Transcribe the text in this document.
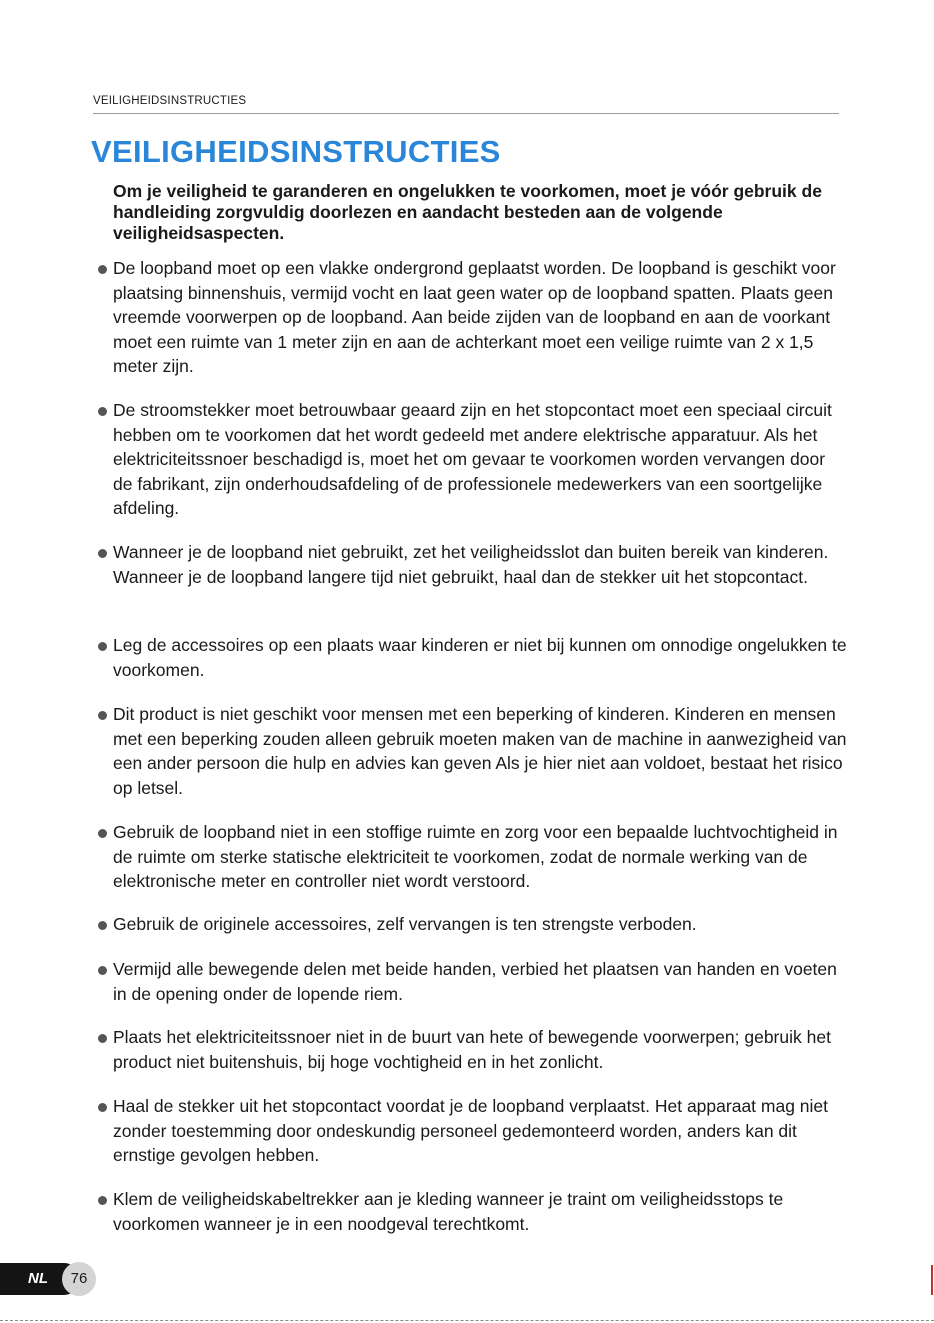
VEILIGHEIDSINSTRUCTIES
VEILIGHEIDSINSTRUCTIES

Om je veiligheid te garanderen en ongelukken te voorkomen, moet je vóór gebruik de handleiding zorgvuldig doorlezen en aandacht besteden aan de volgende veiligheidsaspecten.

De loopband moet op een vlakke ondergrond geplaatst worden. De loopband is geschikt voor plaatsing binnenshuis, vermijd vocht en laat geen water op de loopband spatten. Plaats geen vreemde voorwerpen op de loopband. Aan beide zijden van de loopband en aan de voorkant moet een ruimte van 1 meter zijn en aan de achterkant moet een veilige ruimte van 2 x 1,5 meter zijn.
De stroomstekker moet betrouwbaar geaard zijn en het stopcontact moet een speciaal circuit hebben om te voorkomen dat het wordt gedeeld met andere elektrische apparatuur. Als het elektriciteitssnoer beschadigd is, moet het om gevaar te voorkomen worden vervangen door de fabrikant, zijn onderhoudsafdeling of de professionele medewerkers van een soortgelijke afdeling.
Wanneer je de loopband niet gebruikt, zet het veiligheidsslot dan buiten bereik van kinderen. Wanneer je de loopband langere tijd niet gebruikt, haal dan de stekker uit het stopcontact.
Leg de accessoires op een plaats waar kinderen er niet bij kunnen om onnodige ongelukken te voorkomen.
Dit product is niet geschikt voor mensen met een beperking of kinderen. Kinderen en mensen met een beperking zouden alleen gebruik moeten maken van de machine in aanwezigheid van een ander persoon die hulp en advies kan geven Als je hier niet aan voldoet, bestaat het risico op letsel.
Gebruik de loopband niet in een stoffige ruimte en zorg voor een bepaalde luchtvochtigheid in de ruimte om sterke statische elektriciteit te voorkomen, zodat de normale werking van de elektronische meter en controller niet wordt verstoord.
Gebruik de originele accessoires, zelf vervangen is ten strengste verboden.
Vermijd alle bewegende delen met beide handen, verbied het plaatsen van handen en voeten in de opening onder de lopende riem.
Plaats het elektriciteitssnoer niet in de buurt van hete of bewegende voorwerpen; gebruik het product niet buitenshuis, bij hoge vochtigheid en in het zonlicht.
Haal de stekker uit het stopcontact voordat je de loopband verplaatst. Het apparaat mag niet zonder toestemming door ondeskundig personeel gedemonteerd worden, anders kan dit ernstige gevolgen hebben.
Klem de veiligheidskabeltrekker aan je kleding wanneer je traint om veiligheidsstops te voorkomen wanneer je in een noodgeval terechtkomt.
NL	76
